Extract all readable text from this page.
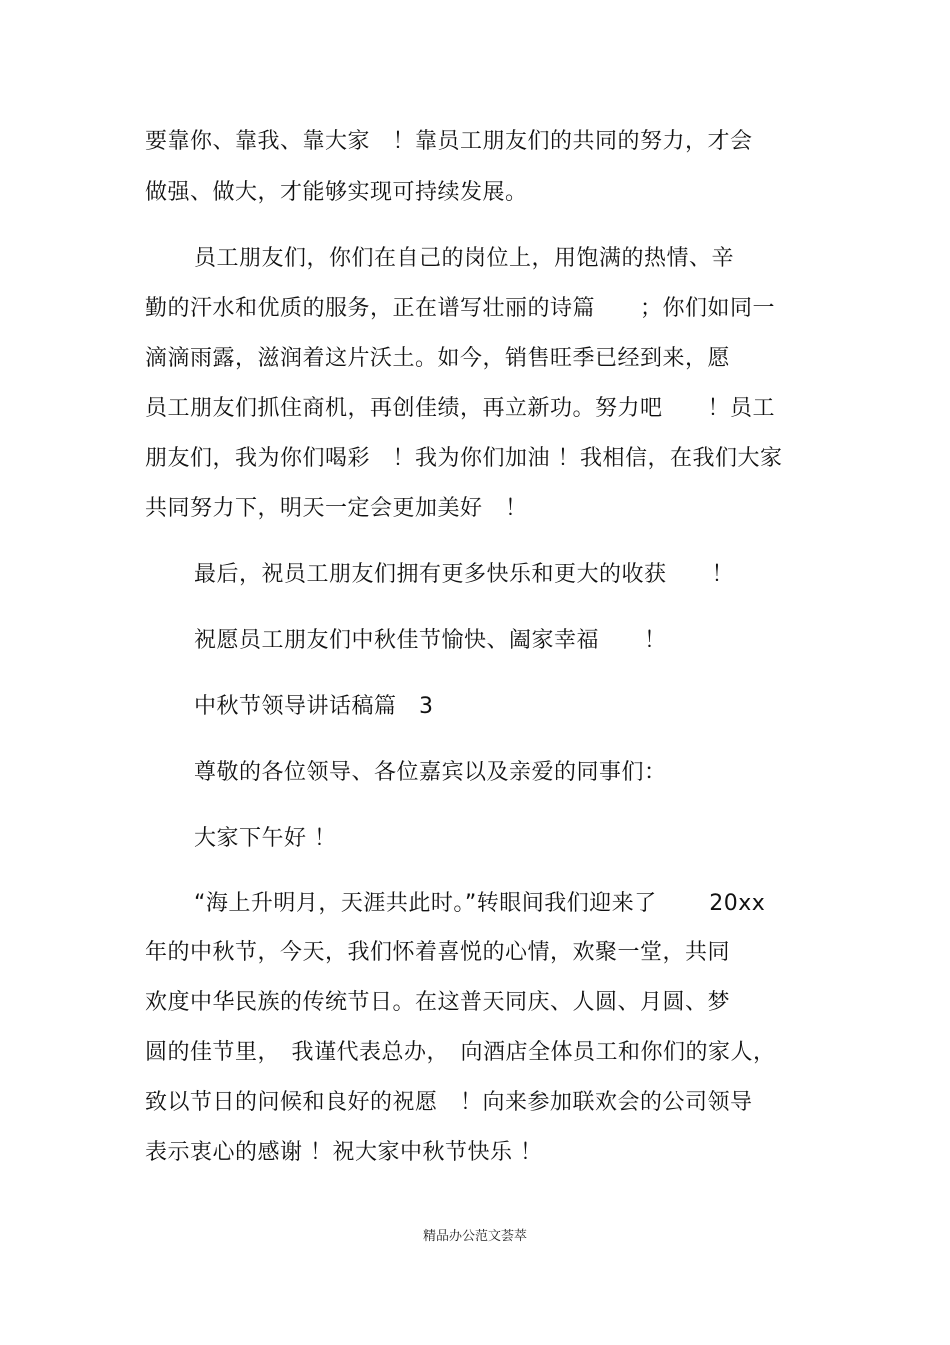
要靠你、靠我、靠大家　！靠员工朋友们的共同的努力，才会
做强、做大，才能够实现可持续发展。
员工朋友们，你们在自己的岗位上，用饱满的热情、辛
勤的汗水和优质的服务，正在谱写壮丽的诗篇　　；你们如同一
滴滴雨露，滋润着这片沃土。如今，销售旺季已经到来，愿
员工朋友们抓住商机，再创佳绩，再立新功。努力吧　　！员工
朋友们，我为你们喝彩　！我为你们加油 ！我相信，在我们大家
共同努力下，明天一定会更加美好　！
最后，祝员工朋友们拥有更多快乐和更大的收获　　！
祝愿员工朋友们中秋佳节愉快、阖家幸福　　！
中秋节领导讲话稿篇　3
尊敬的各位领导、各位嘉宾以及亲爱的同事们：
大家下午好 ！
“海上升明月，天涯共此时。”转眼间我们迎来了　　 20xx
年的中秋节，今天，我们怀着喜悦的心情，欢聚一堂，共同
欢度中华民族的传统节日。在这普天同庆、人圆、月圆、梦
圆的佳节里，　我谨代表总办，　向酒店全体员工和你们的家人，
致以节日的问候和良好的祝愿　！向来参加联欢会的公司领导
表示衷心的感谢 ！祝大家中秋节快乐 ！
精品办公范文荟萃
